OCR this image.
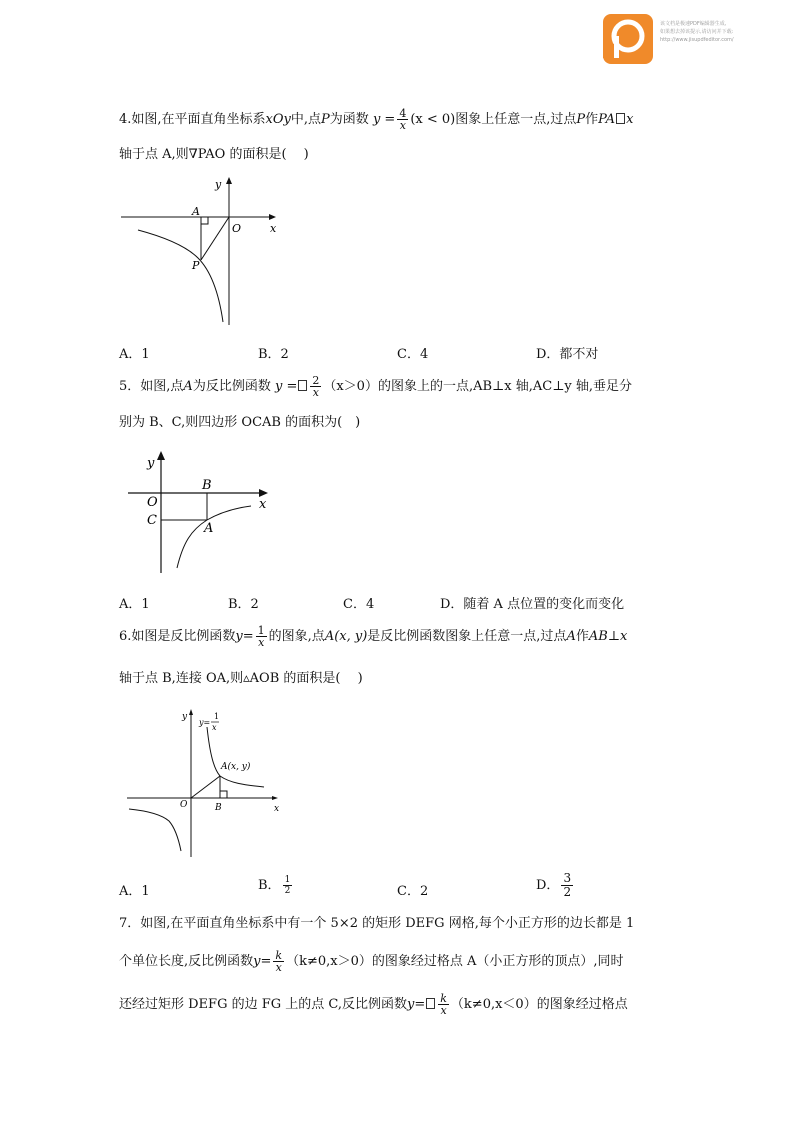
该文档是极速PDF编辑器生成,
如果想去掉该提示,请访问并下载:
http://www.jisupdfeditor.com/
4.如图,在平面直角坐标系xOy中,点P为函数 $y = \frac{4}{x} (x < 0)$图象上任意一点,过点P作PA x
轴于点 A,则∇PAO 的面积是(　 )
y
x
A
O
P
A．1	B．2	C．4	D．都不对
5．如图,点A为反比例函数 $y = \frac{2}{x} (x>0)$的图象上的一点,AB⊥x 轴,AC⊥y 轴,垂足分
别为 B、C,则四边形 OCAB 的面积为(　)
y
x
B
O
C
A
A．1	B．2	C．4	D．随着 A 点位置的变化而变化
6.如图是反比例函数$y= \frac{1}{x}$ 的图象,点A(x, y)是反比例函数图象上任意一点,过点A作AB⊥x
轴于点 B,连接 OA,则▵AOB 的面积是(　 )
y
x
y=
1
x
A(x, y)
O	B
A．1	B． $\frac{1}{2}$	C．2	D． $\frac{3}{2}$
7．如图,在平面直角坐标系中有一个 5×2 的矩形 DEFG 网格,每个小正方形的边长都是 1
个单位长度,反比例函数$y= \frac{k}{x} (k\ne 0,x>0)$的图象经过格点 A（小正方形的顶点）,同时
还经过矩形 DEFG 的边 FG 上的点 C,反比例函数$y= \frac{k}{x} (k\ne 0,x<0)$的图象经过格点
